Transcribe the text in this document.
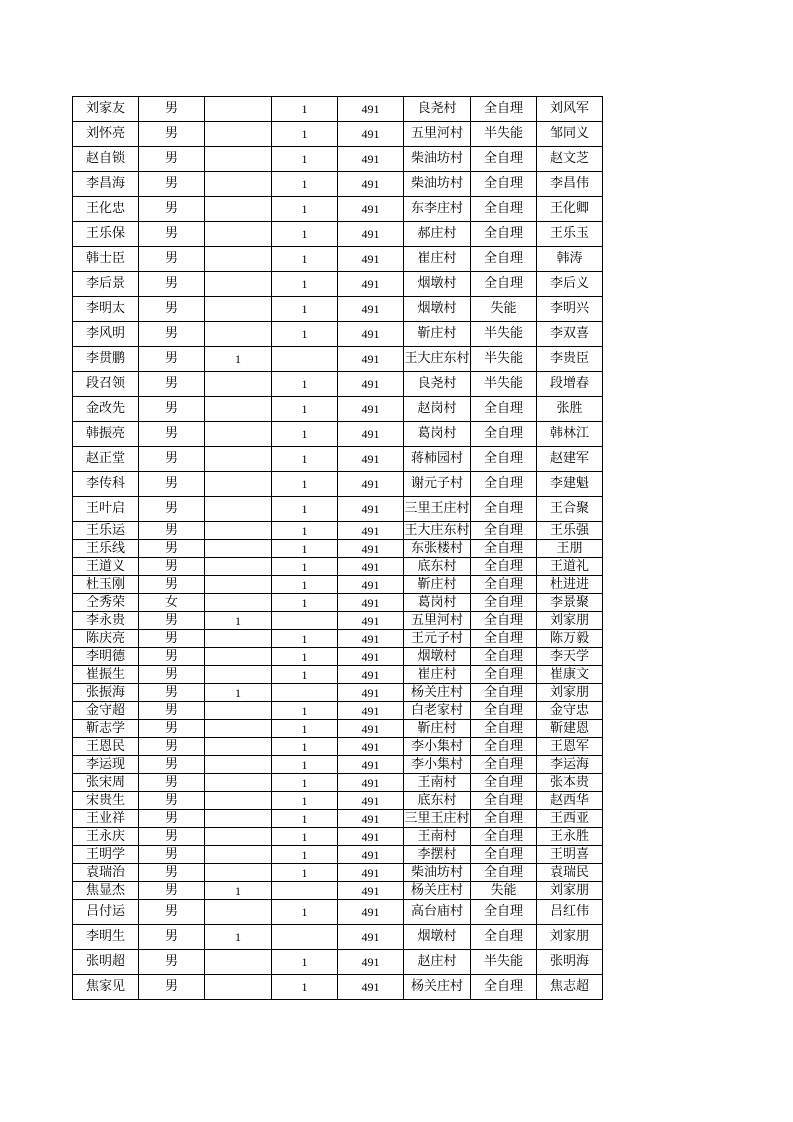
刘家友	男		1	491	良尧村	全自理	刘风军
刘怀亮	男		1	491	五里河村	半失能	邹同义
赵自锁	男		1	491	柴油坊村	全自理	赵文芝
李昌海	男		1	491	柴油坊村	全自理	李昌伟
王化忠	男		1	491	东李庄村	全自理	王化卿
王乐保	男		1	491	郝庄村	全自理	王乐玉
韩士臣	男		1	491	崔庄村	全自理	韩涛
李后景	男		1	491	烟墩村	全自理	李后义
李明太	男		1	491	烟墩村	失能	李明兴
李风明	男		1	491	靳庄村	半失能	李双喜
李贯鹏	男	1		491	王大庄东村	半失能	李贵臣
段召领	男		1	491	良尧村	半失能	段增春
金改先	男		1	491	赵岗村	全自理	张胜
韩振亮	男		1	491	葛岗村	全自理	韩林江
赵正堂	男		1	491	蒋柿园村	全自理	赵建军
李传科	男		1	491	谢元子村	全自理	李建魁
王叶启	男		1	491	三里王庄村	全自理	王合聚
王乐运	男		1	491	王大庄东村	全自理	王乐强
王乐线	男		1	491	东张楼村	全自理	王朋
王道义	男		1	491	底东村	全自理	王道礼
杜玉刚	男		1	491	靳庄村	全自理	杜进进
仝秀荣	女		1	491	葛岗村	全自理	李景聚
李永贵	男	1		491	五里河村	全自理	刘家朋
陈庆亮	男		1	491	王元子村	全自理	陈万毅
李明德	男		1	491	烟墩村	全自理	李天学
崔振生	男		1	491	崔庄村	全自理	崔康文
张振海	男	1		491	杨关庄村	全自理	刘家朋
金守超	男		1	491	白老家村	全自理	金守忠
靳志学	男		1	491	靳庄村	全自理	靳建恩
王恩民	男		1	491	李小集村	全自理	王恩军
李运现	男		1	491	李小集村	全自理	李运海
张宋周	男		1	491	王南村	全自理	张本贵
宋贵生	男		1	491	底东村	全自理	赵西华
王业祥	男		1	491	三里王庄村	全自理	王西亚
王永庆	男		1	491	王南村	全自理	王永胜
王明学	男		1	491	李摆村	全自理	王明喜
袁瑞治	男		1	491	柴油坊村	全自理	袁瑞民
焦显杰	男	1		491	杨关庄村	失能	刘家朋
吕付运	男		1	491	高台庙村	全自理	吕红伟
李明生	男	1		491	烟墩村	全自理	刘家朋
张明超	男		1	491	赵庄村	半失能	张明海
焦家见	男		1	491	杨关庄村	全自理	焦志超
